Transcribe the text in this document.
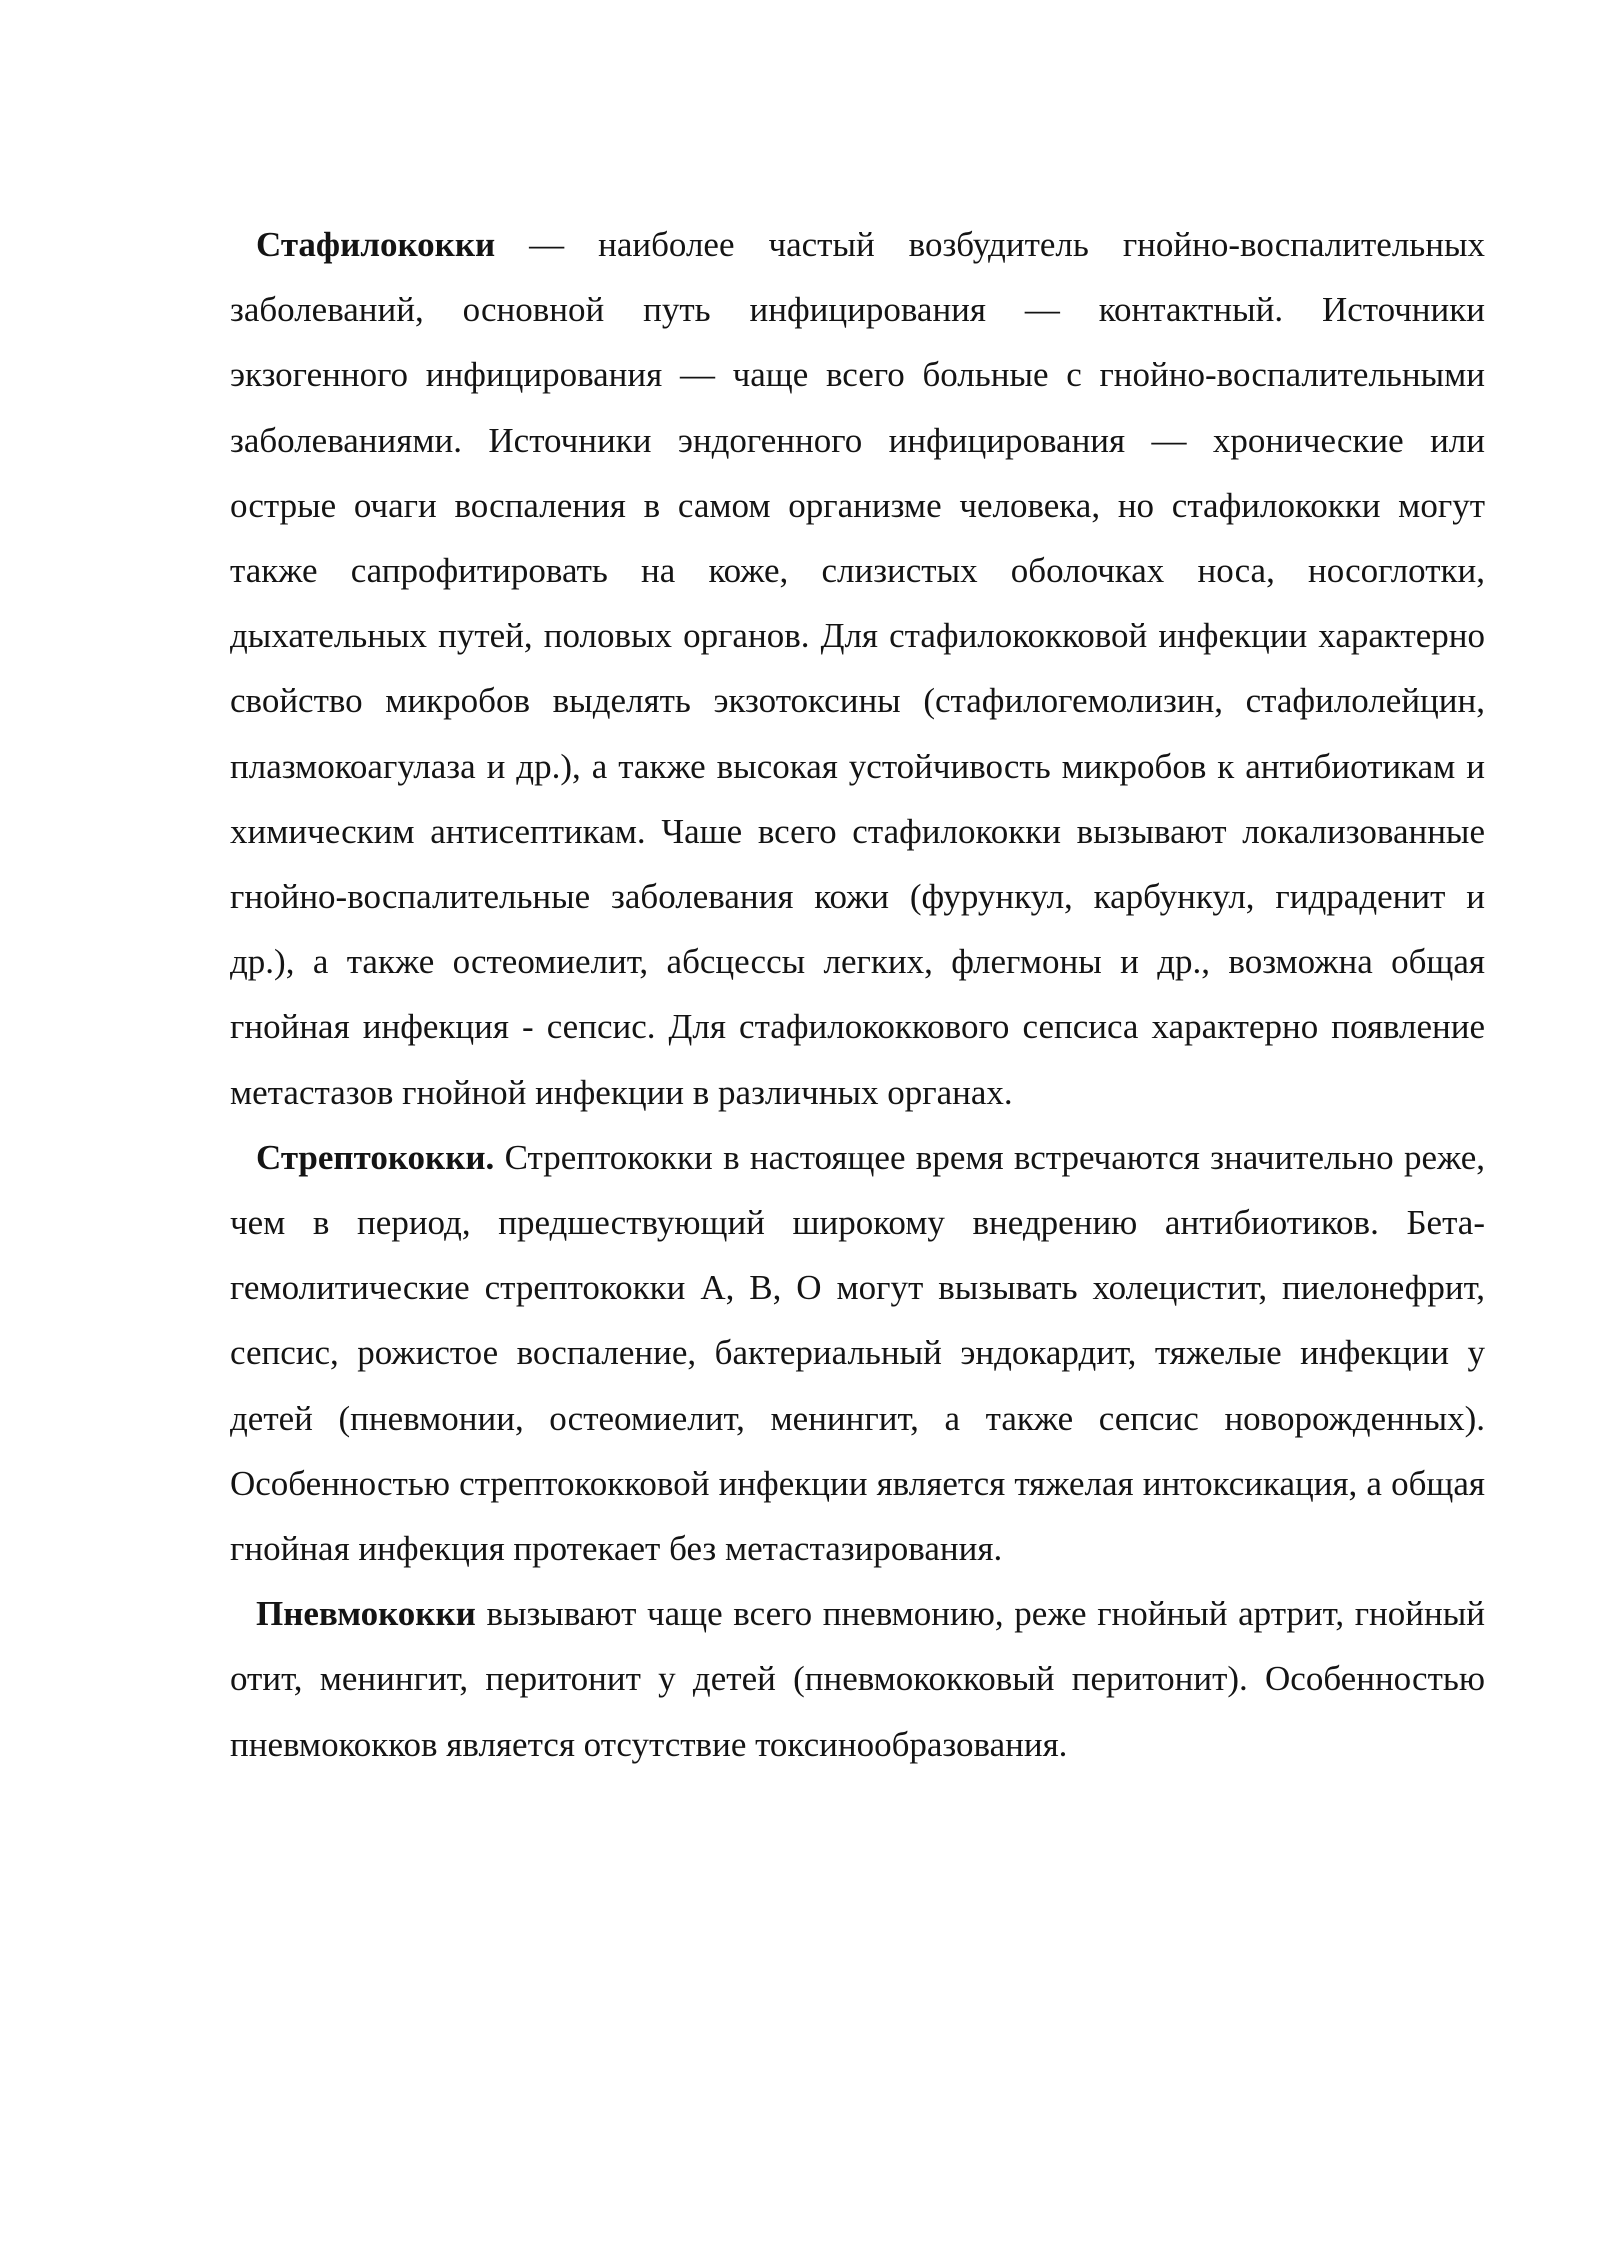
Стафилококки — наиболее частый возбудитель гнойно-воспалительных заболеваний, основной путь инфицирования — контактный. Источники экзогенного инфицирования — чаще всего больные с гнойно-воспалительными заболеваниями. Источники эндогенного инфицирования — хронические или острые очаги воспаления в самом организме человека, но стафилококки могут также сапрофитировать на коже, слизистых оболочках носа, носоглотки, дыхательных путей, половых органов. Для стафилококковой инфекции характерно свойство микробов выделять экзотоксины (стафилогемолизин, стафилолейцин, плазмокоагулаза и др.), а также высокая устойчивость микробов к антибиотикам и химическим антисептикам. Чаше всего стафилококки вызывают локализованные гнойно-воспалительные заболевания кожи (фурункул, карбункул, гидраденит и др.), а также остеомиелит, абсцессы легких, флегмоны и др., возможна общая гнойная инфекция - сепсис. Для стафилококкового сепсиса характерно появление метастазов гнойной инфекции в различных органах.

Стрептококки. Стрептококки в настоящее время встречаются значительно реже, чем в период, предшествующий широкому внедрению антибиотиков. Бета-гемолитические стрептококки А, В, О могут вызывать холецистит, пиелонефрит, сепсис, рожистое воспаление, бактериальный эндокардит, тяжелые инфекции у детей (пневмонии, остеомиелит, менингит, а также сепсис новорожденных). Особенностью стрептококковой инфекции является тяжелая интоксикация, а общая гнойная инфекция протекает без метастазирования.

Пневмококки вызывают чаще всего пневмонию, реже гнойный артрит, гнойный отит, менингит, перитонит у детей (пневмококковый перитонит). Особенностью пневмококков является отсутствие токсинообразования.
